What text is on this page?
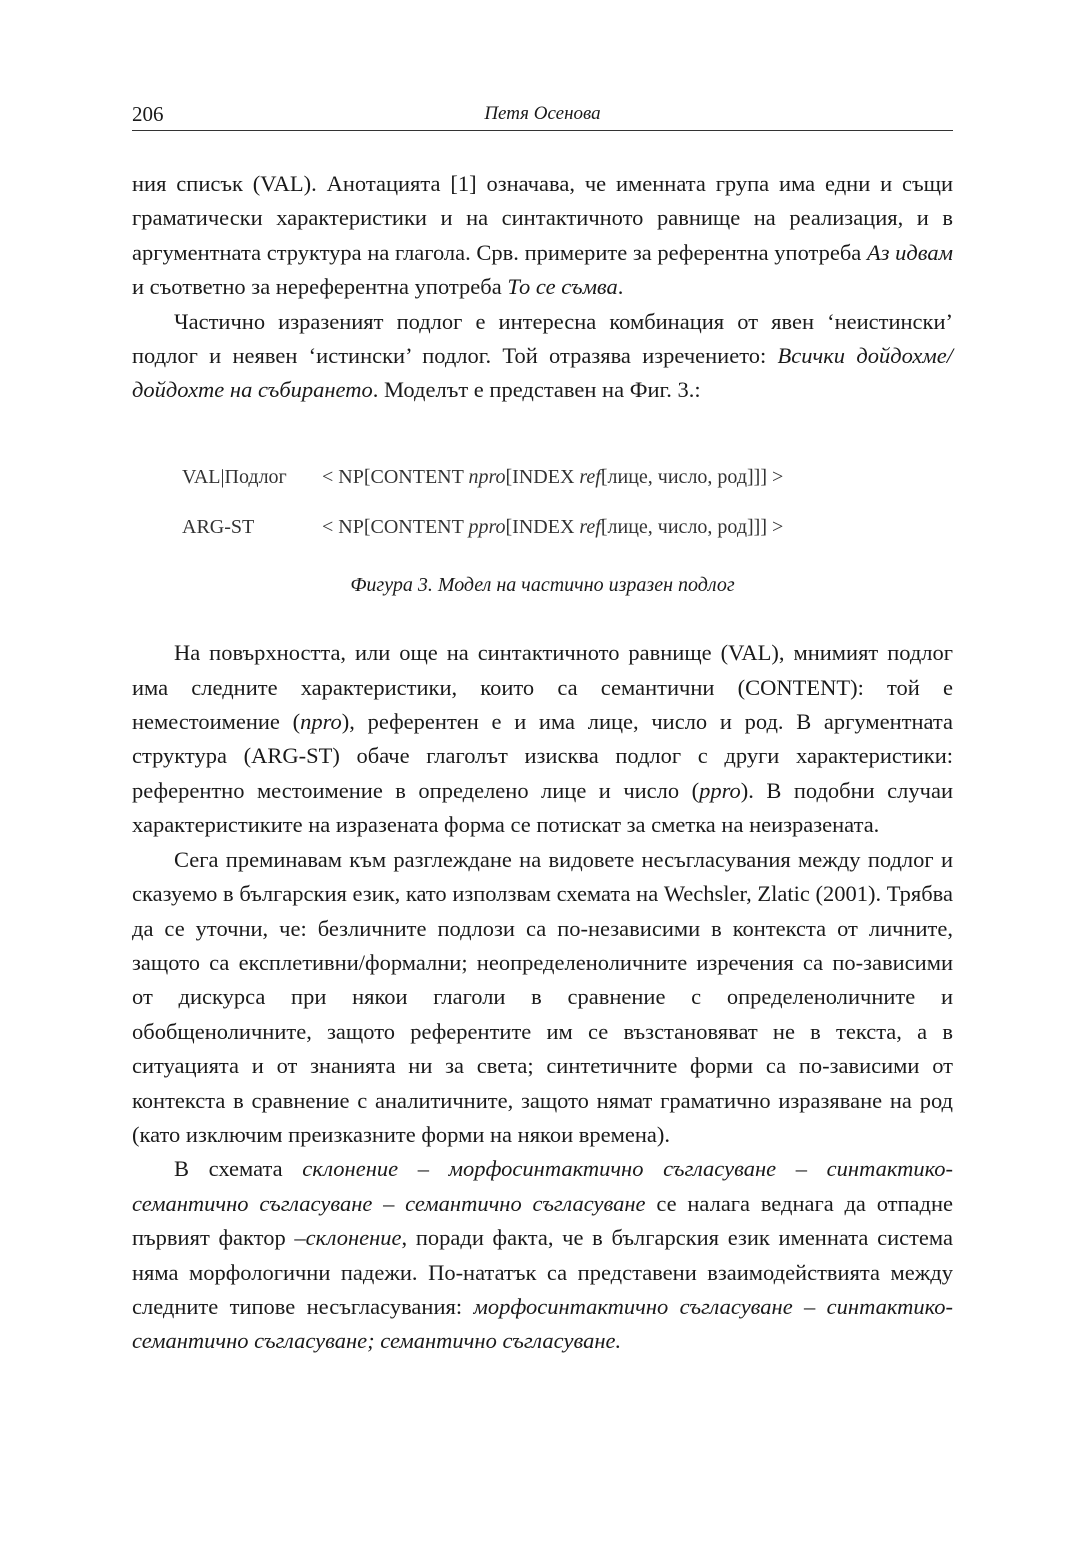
206	Петя Осенова

ния списък (VAL). Анотацията [1] означава, че именната група има едни и същи граматически характеристики и на синтактичното равнище на реализация, и в аргументната структура на глагола. Срв. примерите за референтна употреба Аз идвам и съответно за нереферентна употреба То се съмва.

Частично изразеният подлог е интересна комбинация от явен ‘неистински’ подлог и неявен ‘истински’ подлог. Той отразява изречението: Всички дойдохме/дойдохте на събирането. Моделът е представен на Фиг. 3.:

VAL|Подлог < NP[CONTENT npro[INDEX ref[лице, число, род]]] >
ARG-ST	< NP[CONTENT ppro[INDEX ref[лице, число, род]]] >
Фигура 3. Модел на частично изразен подлог

На повърхността, или още на синтактичното равнище (VAL), мнимият подлог има следните характеристики, които са семантични (CONTENT): той е неместоимение (npro), референтен е и има лице, число и род. В аргументната структура (ARG-ST) обаче глаголът изисква подлог с други характеристики: референтно местоимение в определено лице и число (ppro). В подобни случаи характеристиките на изразената форма се потискат за сметка на неизразената.

Сега преминавам към разглеждане на видовете несъгласувания между подлог и сказуемо в българския език, като използвам схемата на Wechsler, Zlatic (2001). Трябва да се уточни, че: безличните подлози са по-независими в контекста от личните, защото са експлетивни/формални; неопределеноличните изречения са по-зависими от дискурса при някои глаголи в сравнение с определеноличните и обобщеноличните, защото референтите им се възстановяват не в текста, а в ситуацията и от знанията ни за света; синтетичните форми са по-зависими от контекста в сравнение с аналитичните, защото нямат граматично изразяване на род (като изключим преизказните форми на някои времена).

В схемата склонение – морфосинтактично съгласуване – синтактико-семантично съгласуване – семантично съгласуване се налага веднага да отпадне първият фактор –склонение, поради факта, че в българския език именната система няма морфологични падежи. По-нататък са представени взаимодействията между следните типове несъгласувания: морфосинтактично съгласуване – синтактико-семантично съгласуване; семантично съгласуване.
